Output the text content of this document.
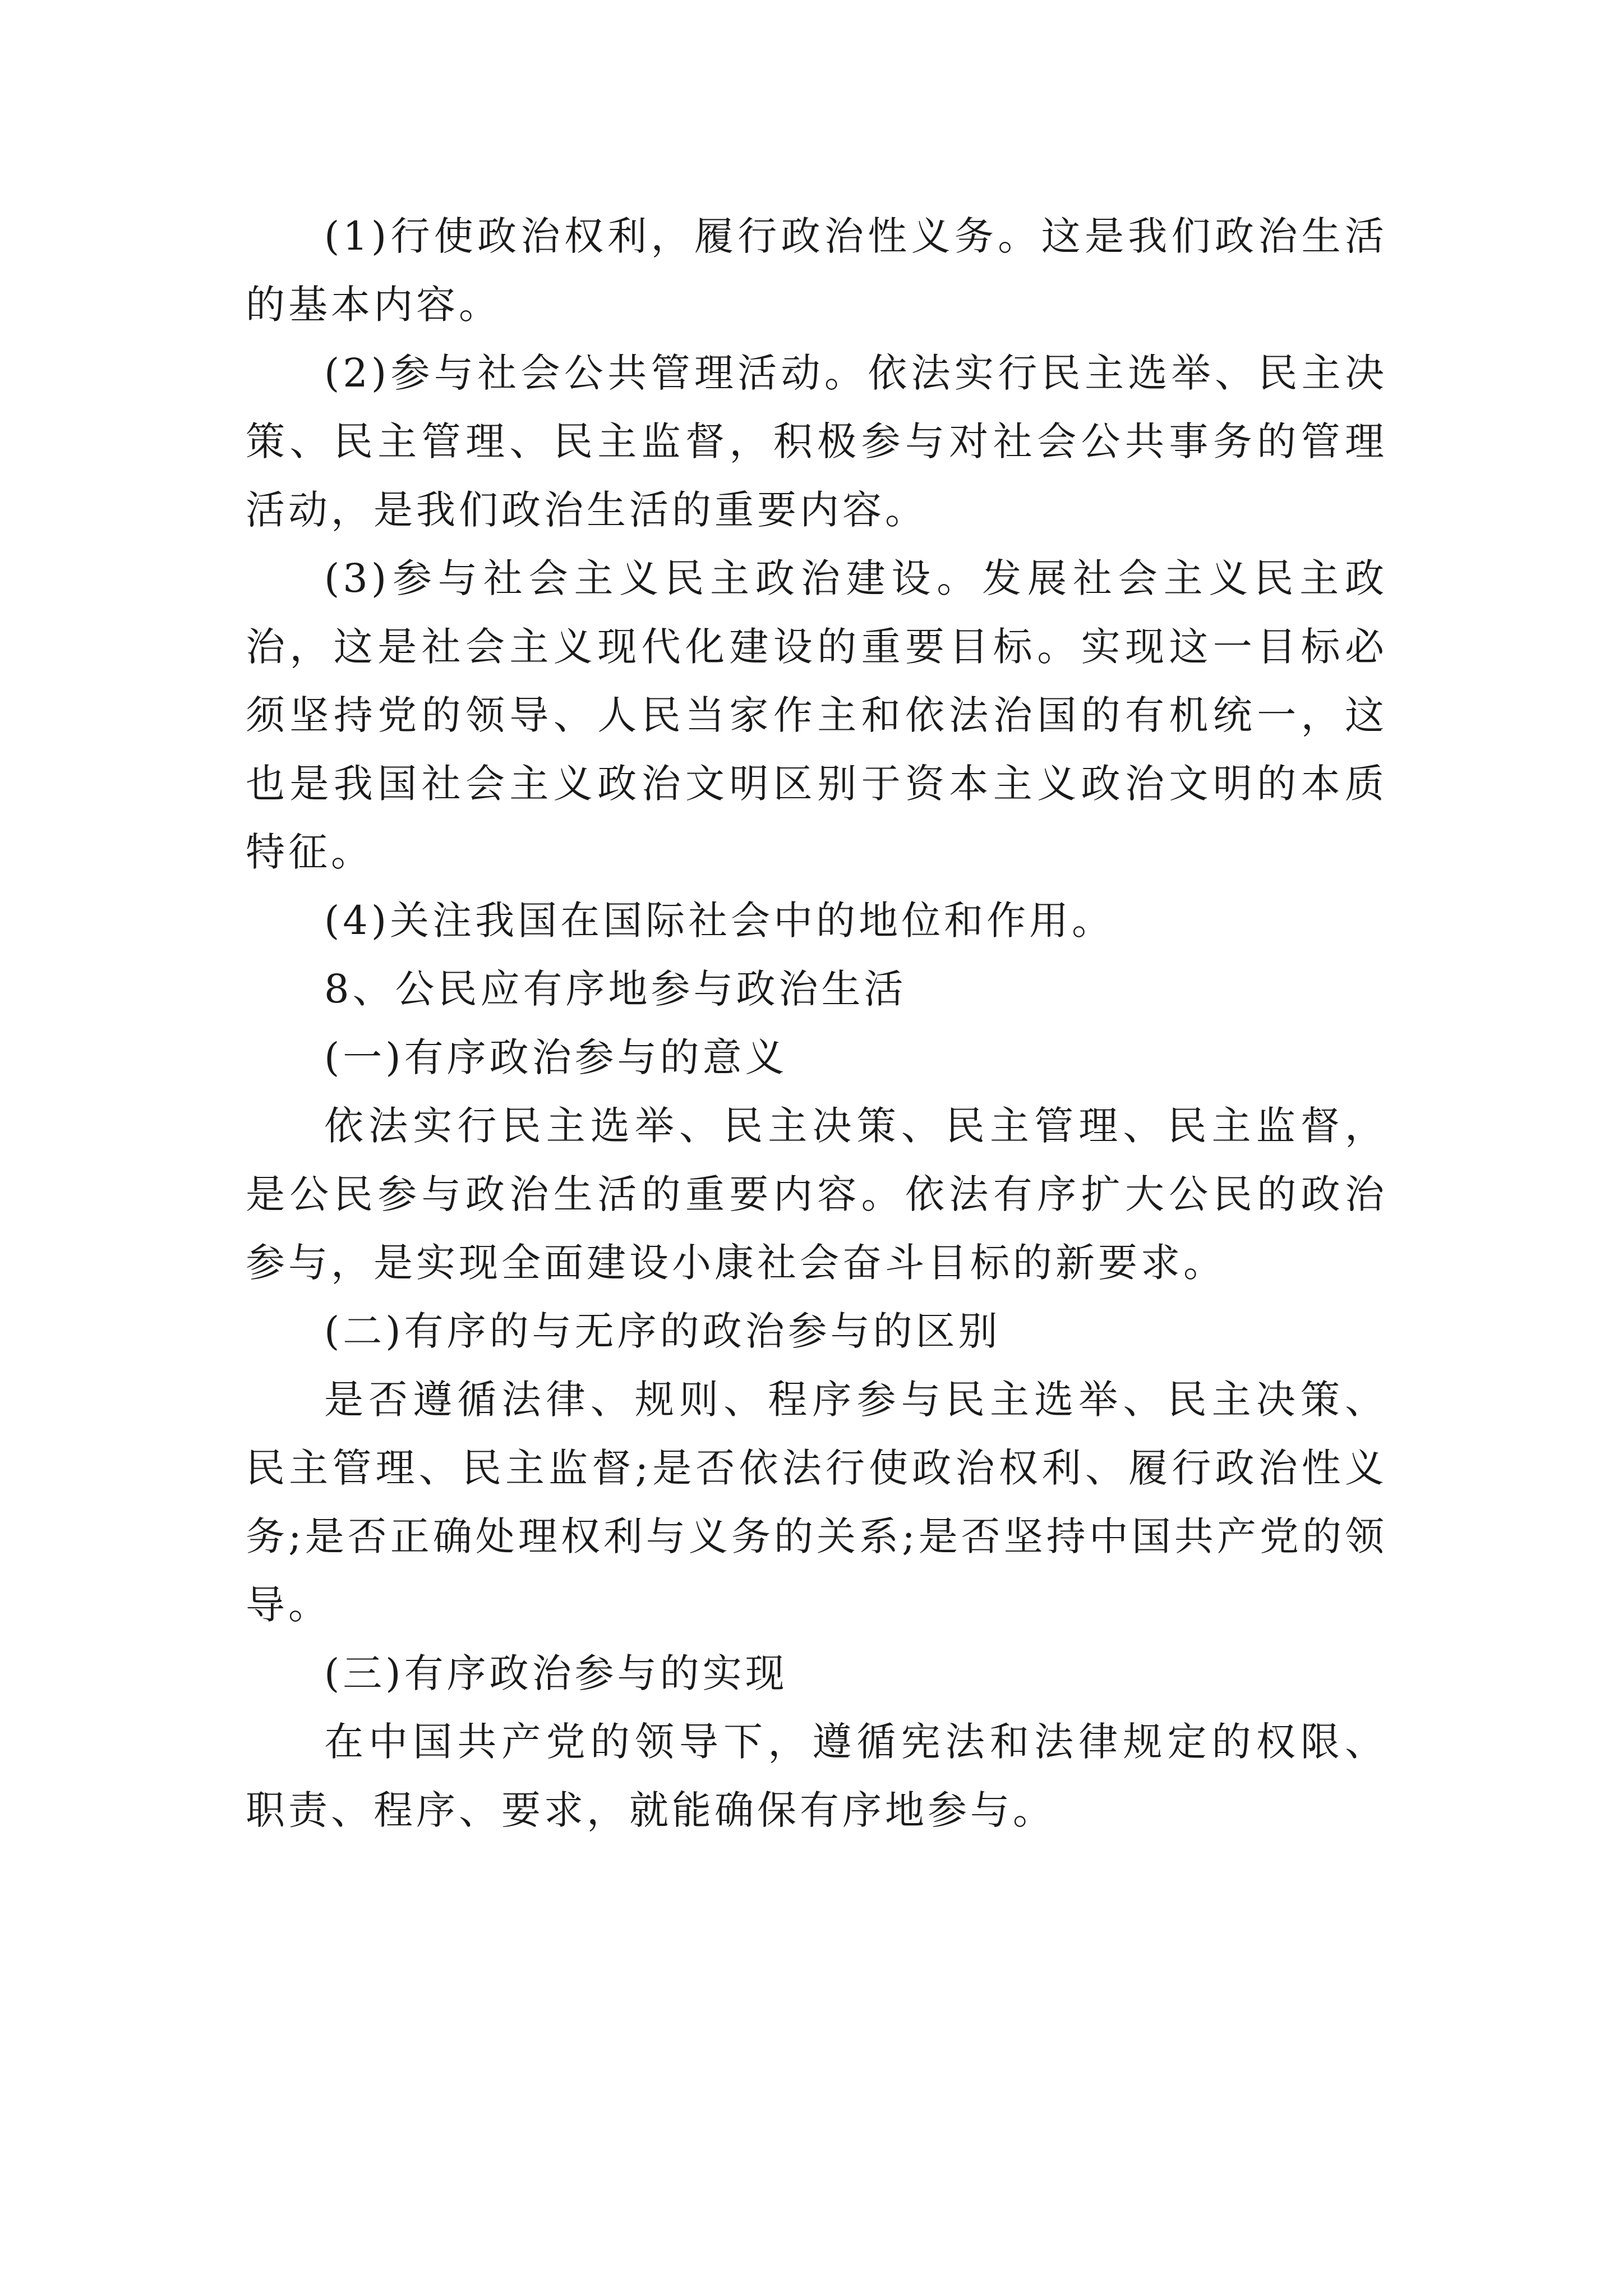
(1)行使政治权利，履行政治性义务。这是我们政治生活的基本内容。

(2)参与社会公共管理活动。依法实行民主选举、民主决策、民主管理、民主监督，积极参与对社会公共事务的管理活动，是我们政治生活的重要内容。

(3)参与社会主义民主政治建设。发展社会主义民主政治，这是社会主义现代化建设的重要目标。实现这一目标必须坚持党的领导、人民当家作主和依法治国的有机统一，这也是我国社会主义政治文明区别于资本主义政治文明的本质特征。

(4)关注我国在国际社会中的地位和作用。

8、公民应有序地参与政治生活

(一)有序政治参与的意义

依法实行民主选举、民主决策、民主管理、民主监督，是公民参与政治生活的重要内容。依法有序扩大公民的政治参与，是实现全面建设小康社会奋斗目标的新要求。

(二)有序的与无序的政治参与的区别

是否遵循法律、规则、程序参与民主选举、民主决策、民主管理、民主监督;是否依法行使政治权利、履行政治性义务;是否正确处理权利与义务的关系;是否坚持中国共产党的领导。

(三)有序政治参与的实现

在中国共产党的领导下，遵循宪法和法律规定的权限、职责、程序、要求，就能确保有序地参与。
